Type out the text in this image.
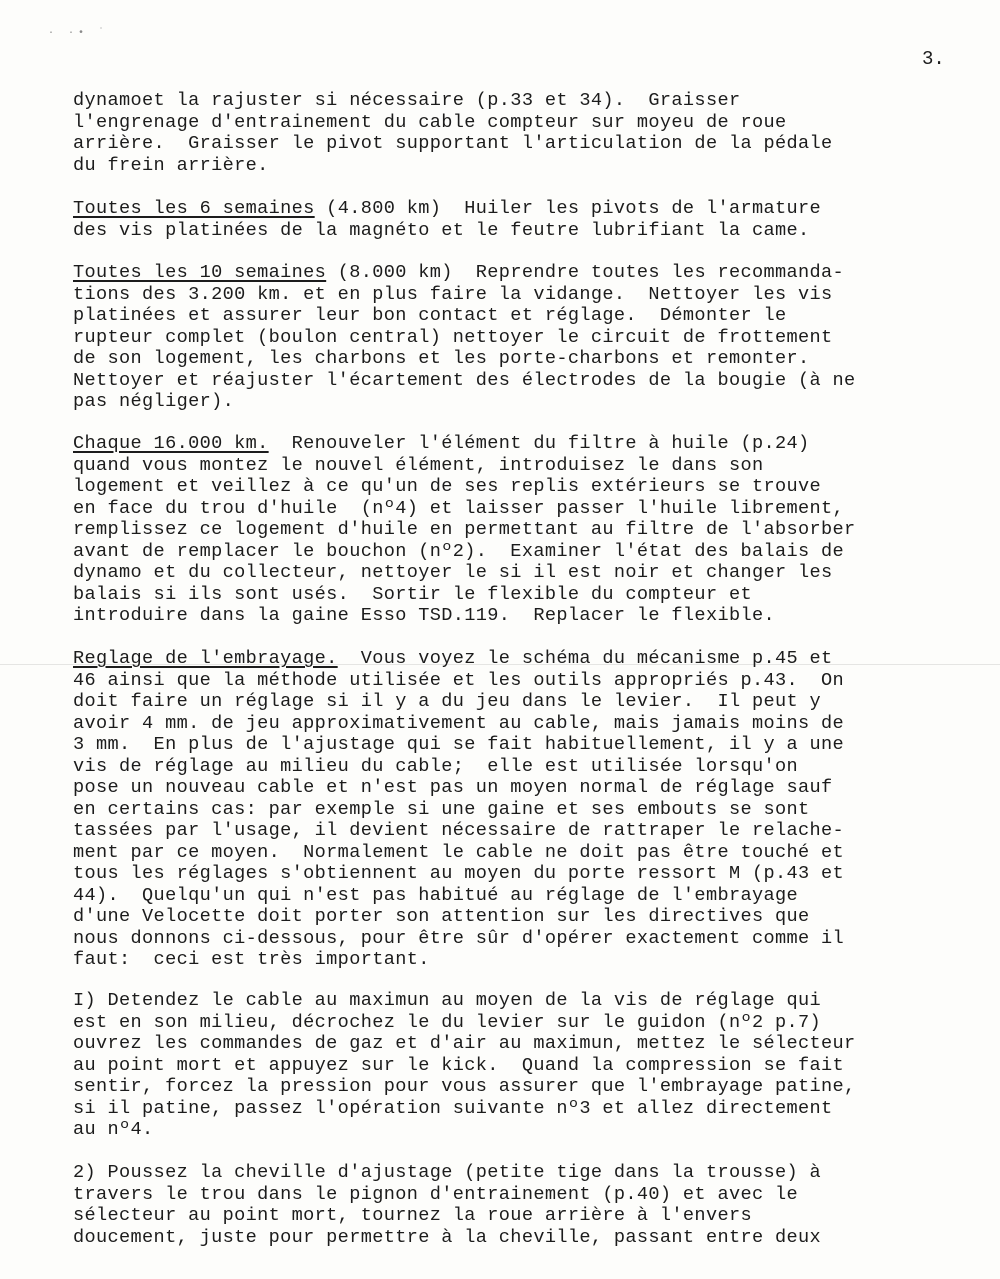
· ·• ˙
3.
dynamoet la rajuster si nécessaire (p.33 et 34).  Graisser
l'engrenage d'entrainement du cable compteur sur moyeu de roue
arrière.  Graisser le pivot supportant l'articulation de la pédale
du frein arrière.
Toutes les 6 semaines (4.800 km)  Huiler les pivots de l'armature
des vis platinées de la magnéto et le feutre lubrifiant la came.
Toutes les 10 semaines (8.000 km)  Reprendre toutes les recommanda-
tions des 3.200 km. et en plus faire la vidange.  Nettoyer les vis
platinées et assurer leur bon contact et réglage.  Démonter le
rupteur complet (boulon central) nettoyer le circuit de frottement
de son logement, les charbons et les porte-charbons et remonter.
Nettoyer et réajuster l'écartement des électrodes de la bougie (à ne
pas négliger).
Chaque 16.000 km.  Renouveler l'élément du filtre à huile (p.24)
quand vous montez le nouvel élément, introduisez le dans son
logement et veillez à ce qu'un de ses replis extérieurs se trouve
en face du trou d'huile  (nº4) et laisser passer l'huile librement,
remplissez ce logement d'huile en permettant au filtre de l'absorber
avant de remplacer le bouchon (nº2).  Examiner l'état des balais de
dynamo et du collecteur, nettoyer le si il est noir et changer les
balais si ils sont usés.  Sortir le flexible du compteur et
introduire dans la gaine Esso TSD.119.  Replacer le flexible.
Reglage de l'embrayage.  Vous voyez le schéma du mécanisme p.45 et
46 ainsi que la méthode utilisée et les outils appropriés p.43.  On
doit faire un réglage si il y a du jeu dans le levier.  Il peut y
avoir 4 mm. de jeu approximativement au cable, mais jamais moins de
3 mm.  En plus de l'ajustage qui se fait habituellement, il y a une
vis de réglage au milieu du cable;  elle est utilisée lorsqu'on
pose un nouveau cable et n'est pas un moyen normal de réglage sauf
en certains cas: par exemple si une gaine et ses embouts se sont
tassées par l'usage, il devient nécessaire de rattraper le relache-
ment par ce moyen.  Normalement le cable ne doit pas être touché et
tous les réglages s'obtiennent au moyen du porte ressort M (p.43 et
44).  Quelqu'un qui n'est pas habitué au réglage de l'embrayage
d'une Velocette doit porter son attention sur les directives que
nous donnons ci-dessous, pour être sûr d'opérer exactement comme il
faut:  ceci est très important.
I) Detendez le cable au maximun au moyen de la vis de réglage qui
est en son milieu, décrochez le du levier sur le guidon (nº2 p.7)
ouvrez les commandes de gaz et d'air au maximun, mettez le sélecteur
au point mort et appuyez sur le kick.  Quand la compression se fait
sentir, forcez la pression pour vous assurer que l'embrayage patine,
si il patine, passez l'opération suivante nº3 et allez directement
au nº4.
2) Poussez la cheville d'ajustage (petite tige dans la trousse) à
travers le trou dans le pignon d'entrainement (p.40) et avec le
sélecteur au point mort, tournez la roue arrière à l'envers
doucement, juste pour permettre à la cheville, passant entre deux
